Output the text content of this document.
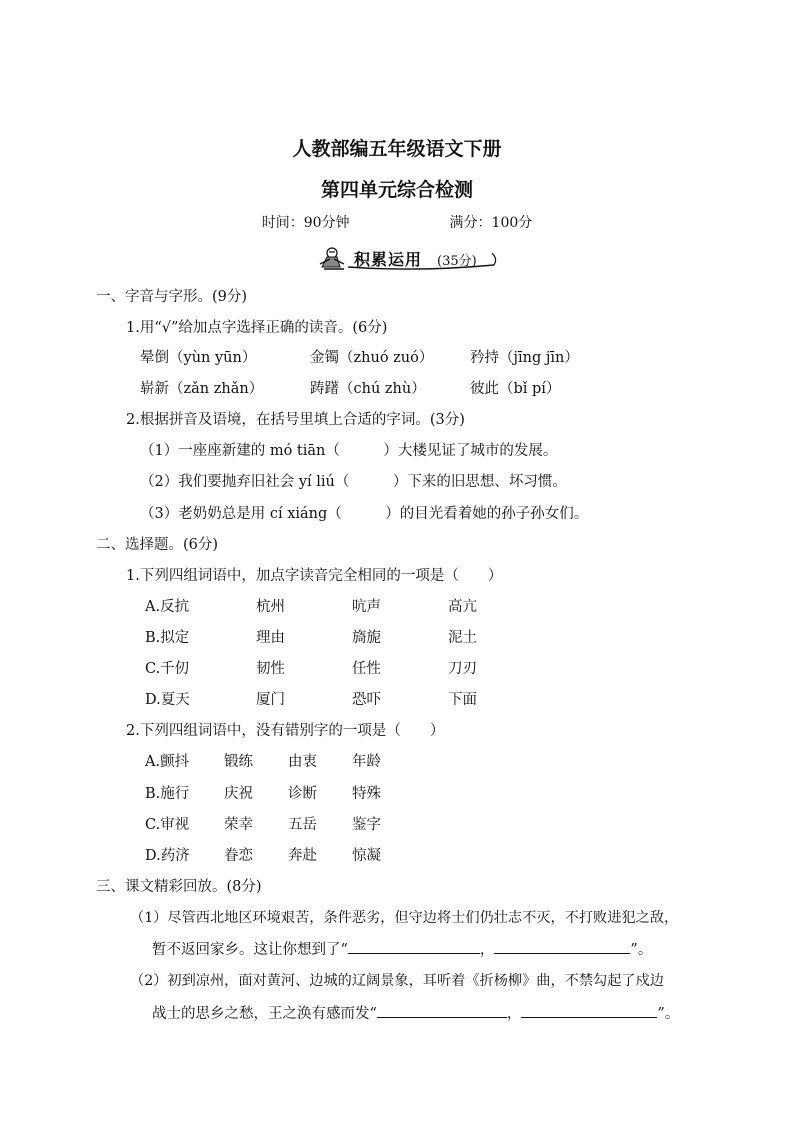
人教部编五年级语文下册
第四单元综合检测
时间：90分钟	满分：100分
积累运用 (35分)
一、字音与字形。(9分)
1.用“√”给加点字选择正确的读音。(6分)
晕倒（yùn yūn）	金镯（zhuó zuó）	矜持（jīng jīn）
崭新（zǎn zhǎn）	踌躇（chú zhù）	彼此（bǐ pí）
2.根据拼音及语境，在括号里填上合适的字词。(3分)
（1）一座座新建的 mó tiān（　　　）大楼见证了城市的发展。
（2）我们要抛弃旧社会 yí liú（　　　）下来的旧思想、坏习惯。
（3）老奶奶总是用 cí xiáng（　　　）的目光看着她的孙子孙女们。
二、选择题。(6分)
1.下列四组词语中，加点字读音完全相同的一项是（　　）
A.反抗	杭州	吭声	高亢
B.拟定	理由	旖旎	泥土
C.千仞	韧性	任性	刀刃
D.夏天	厦门	恐吓	下面
2.下列四组词语中，没有错别字的一项是（　　）
A.颤抖 锻练 由衷 年龄
B.施行 庆祝 诊断 特殊
C.审视 荣幸 五岳 鉴字
D.药济 眷恋 奔赴 惊凝
三、课文精彩回放。(8分)
（1）尽管西北地区环境艰苦，条件恶劣，但守边将士们仍壮志不灭，不打败进犯之敌，
暂不返回家乡。这让你想到了“	，	”。
（2）初到凉州，面对黄河、边城的辽阔景象，耳听着《折杨柳》曲，不禁勾起了戍边
战士的思乡之愁，王之涣有感而发“	，	”。
